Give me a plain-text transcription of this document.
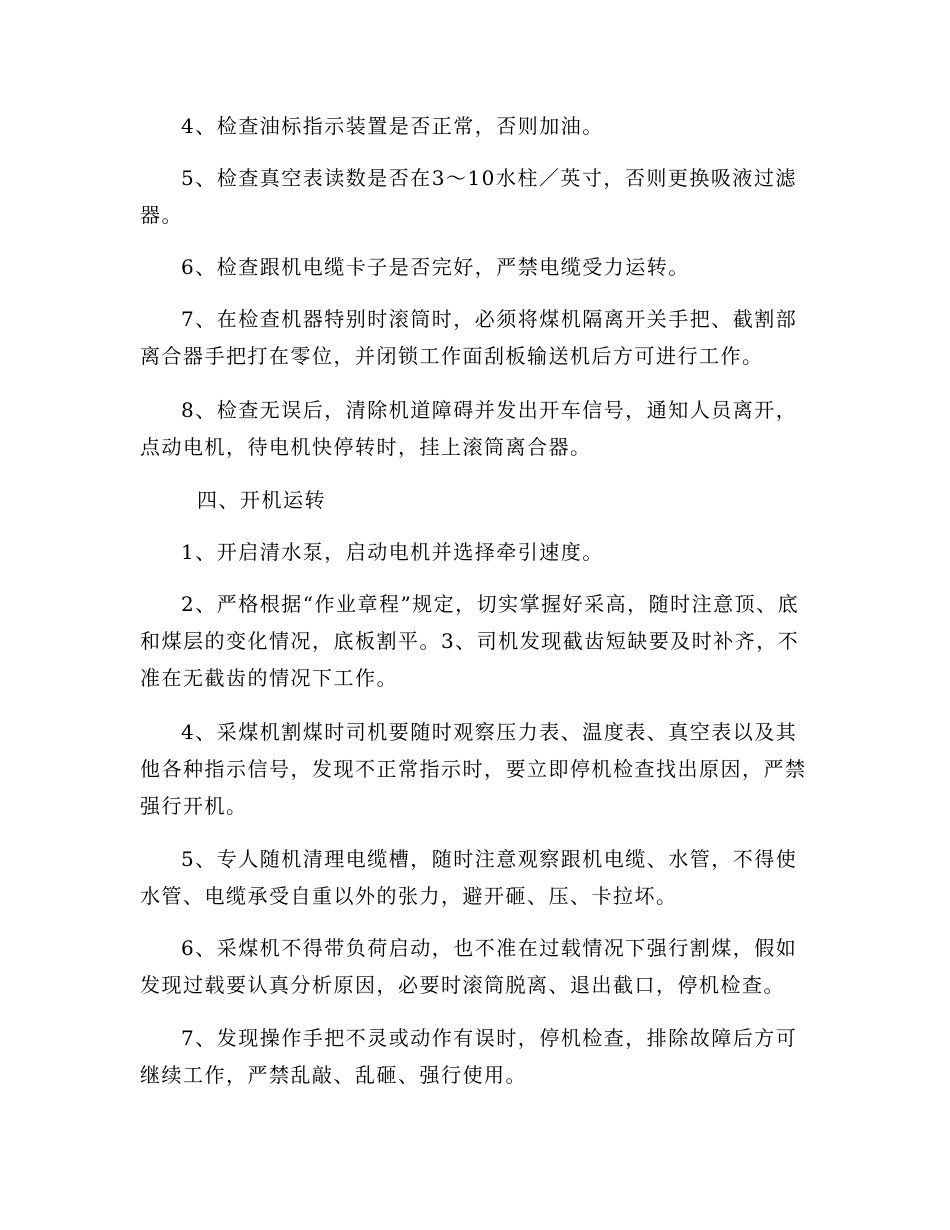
4、检查油标指示装置是否正常，否则加油。

5、检查真空表读数是否在3～10水柱／英寸，否则更换吸液过滤器。

6、检查跟机电缆卡子是否完好，严禁电缆受力运转。

7、在检查机器特别时滚筒时，必须将煤机隔离开关手把、截割部离合器手把打在零位，并闭锁工作面刮板输送机后方可进行工作。

8、检查无误后，清除机道障碍并发出开车信号，通知人员离开，点动电机，待电机快停转时，挂上滚筒离合器。

四、开机运转

1、开启清水泵，启动电机并选择牵引速度。

2、严格根据“作业章程”规定，切实掌握好采高，随时注意顶、底和煤层的变化情况，底板割平。3、司机发现截齿短缺要及时补齐，不准在无截齿的情况下工作。

4、采煤机割煤时司机要随时观察压力表、温度表、真空表以及其他各种指示信号，发现不正常指示时，要立即停机检查找出原因，严禁强行开机。

5、专人随机清理电缆槽，随时注意观察跟机电缆、水管，不得使水管、电缆承受自重以外的张力，避开砸、压、卡拉坏。

6、采煤机不得带负荷启动，也不准在过载情况下强行割煤，假如发现过载要认真分析原因，必要时滚筒脱离、退出截口，停机检查。

7、发现操作手把不灵或动作有误时，停机检查，排除故障后方可继续工作，严禁乱敲、乱砸、强行使用。
